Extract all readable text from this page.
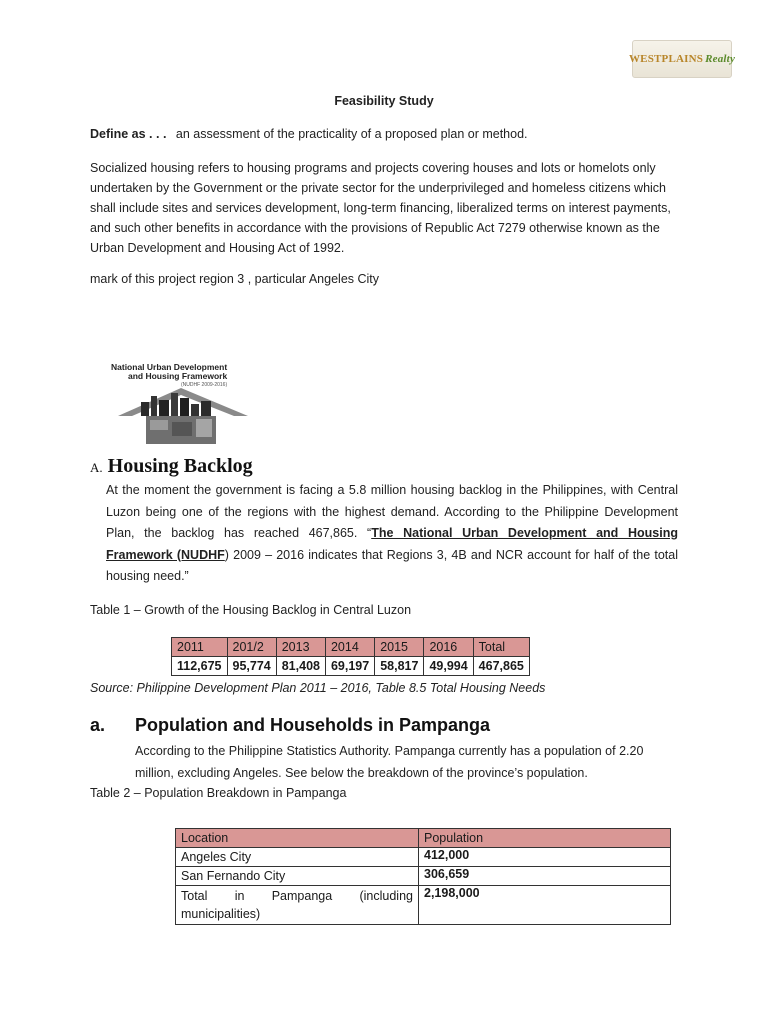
WESTPLAINS Realty
Feasibility Study
Define as . . . an assessment of the practicality of a proposed plan or method.
Socialized housing refers to housing programs and projects covering houses and lots or homelots only undertaken by the Government or the private sector for the underprivileged and homeless citizens which shall include sites and services development, long-term financing, liberalized terms on interest payments, and such other benefits in accordance with the provisions of Republic Act 7279 otherwise known as the Urban Development and Housing Act of 1992.
mark of this project region 3 , particular Angeles City
National Urban Development
and Housing Framework
(NUDHF 2009-2016)
A. Housing Backlog
At the moment the government is facing a 5.8 million housing backlog in the Philippines, with Central Luzon being one of the regions with the highest demand. According to the Philippine Development Plan, the backlog has reached 467,865. “The National Urban Development and Housing Framework (NUDHF) 2009 – 2016 indicates that Regions 3, 4B and NCR account for half of the total housing need.”
Table 1 – Growth of the Housing Backlog in Central Luzon
2011	201/2	2013	2014	2015	2016	Total
112,675	95,774	81,408	69,197	58,817	49,994	467,865
Source: Philippine Development Plan 2011 – 2016, Table 8.5 Total Housing Needs
a. Population and Households in Pampanga
According to the Philippine Statistics Authority. Pampanga currently has a population of 2.20 million, excluding Angeles. See below the breakdown of the province’s population.
Table 2 – Population Breakdown in Pampanga
Location	Population
Angeles City	412,000
San Fernando City	306,659
Total in Pampanga (including municipalities)	2,198,000
